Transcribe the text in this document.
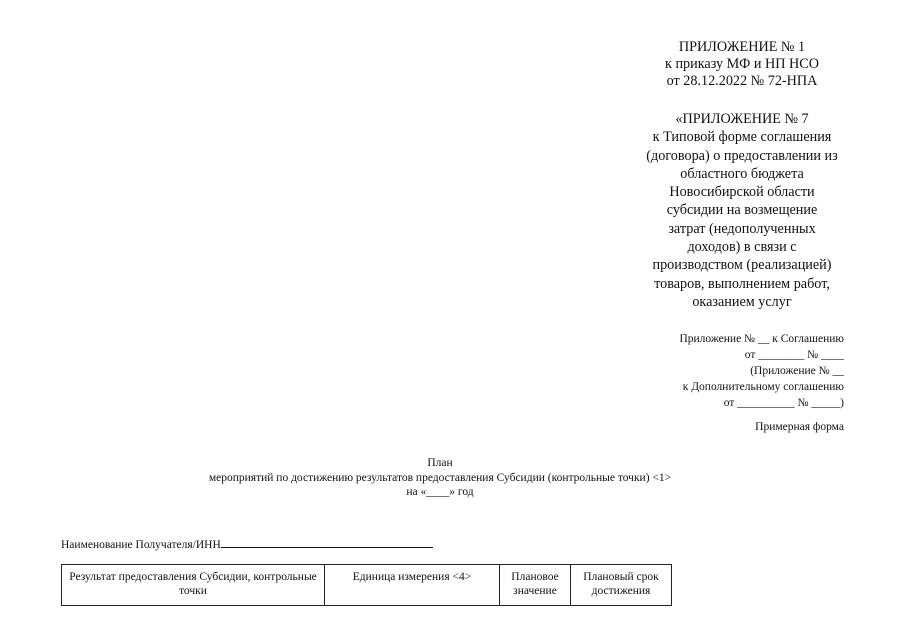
ПРИЛОЖЕНИЕ № 1
к приказу МФ и НП НСО
от 28.12.2022 № 72-НПА
«ПРИЛОЖЕНИЕ № 7
к Типовой форме соглашения
(договора) о предоставлении из
областного бюджета
Новосибирской области
субсидии на возмещение
затрат (недополученных
доходов) в связи с
производством (реализацией)
товаров, выполнением работ,
оказанием услуг
Приложение № __ к Соглашению
от ________ № ____
(Приложение № __
к Дополнительному соглашению
от __________ № _____)
Примерная форма
План
мероприятий по достижению результатов предоставления Субсидии (контрольные точки) <1>
на «____» год
Наименование Получателя/ИНН
Результат предоставления Субсидии, контрольные точки	Единица измерения <4>	Плановое значение	Плановый срок достижения
